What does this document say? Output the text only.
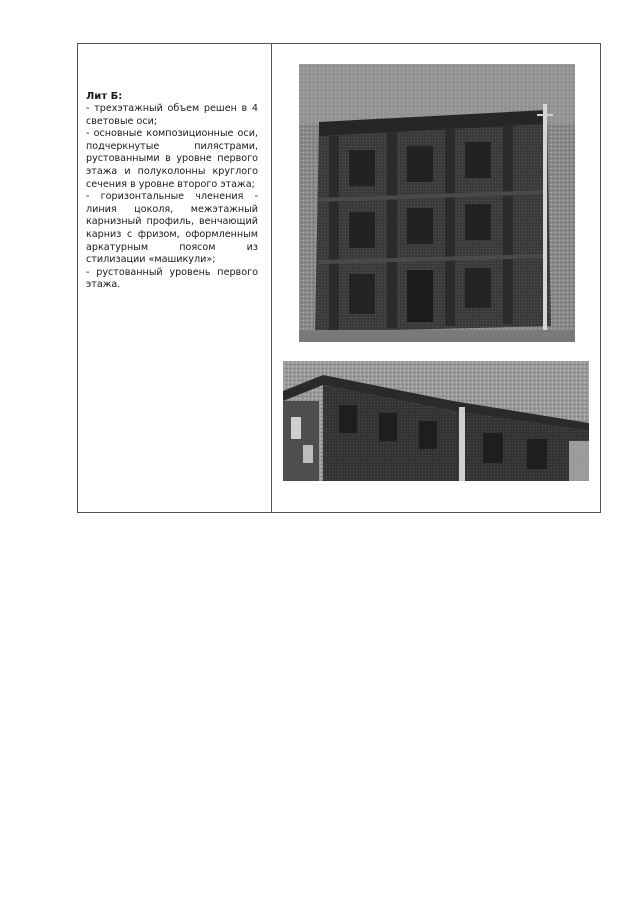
Лит Б:

- трехэтажный объем решен в 4 световые оси;

- основные композиционные оси, подчеркнутые пилястрами, рустованными в уровне первого этажа и полуколонны круглого сечения в уровне второго этажа;

- горизонтальные членения - линия цоколя, межэтажный карнизный профиль, венчающий карниз с фризом, оформленным аркатурным поясом из стилизации «машикули»;

- рустованный уровень первого этажа.
